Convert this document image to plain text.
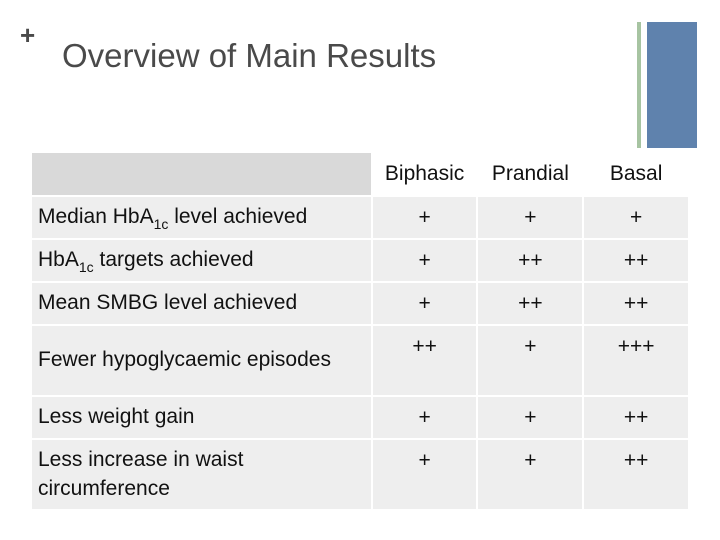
+
Overview of Main Results
	Biphasic	Prandial	Basal
Median HbA$_{1c}$ level achieved	+	+	+
HbA$_{1c}$ targets achieved	+	++	++
Mean SMBG level achieved	+	++	++
Fewer hypoglycaemic episodes	++	+	+++
Less weight gain	+	+	++
Less increase in waist circumference	+	+	++
